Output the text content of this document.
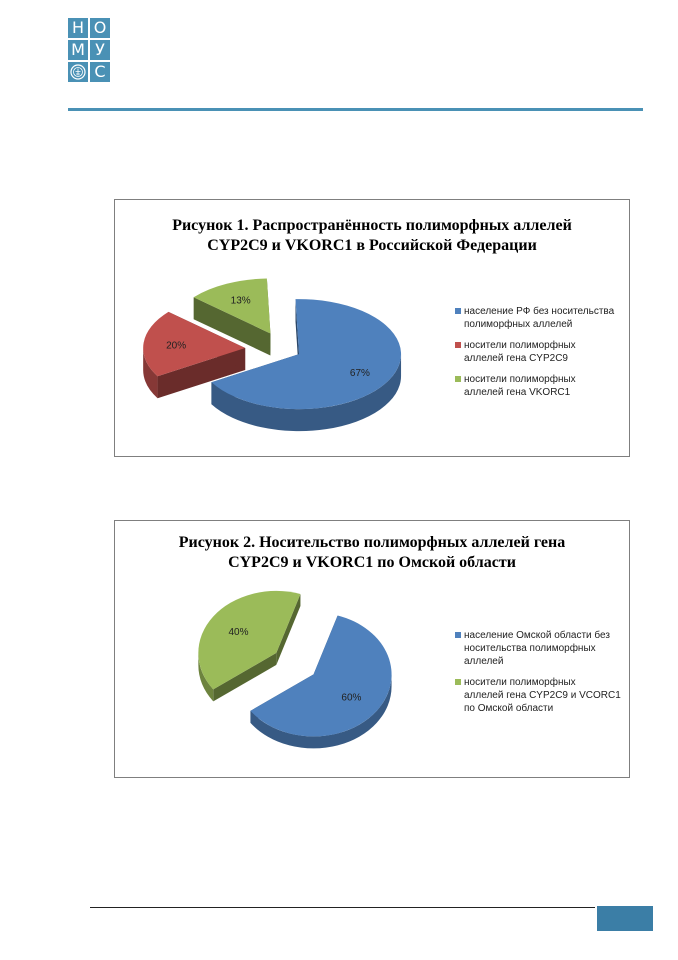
Н О
М У
С
Рисунок 1. Распространённость полиморфных аллелей
CYP2C9 и VKORC1 в Российской Федерации
67%
20%
13%
население РФ без носительства
полиморфных аллелей
носители полиморфных
аллелей гена CYP2C9
носители полиморфных
аллелей гена VKORC1
Рисунок 2. Носительство полиморфных аллелей гена
CYP2C9 и VKORC1 по Омской области
60%
40%	население Омской области без
носительства полиморфных
аллелей
носители полиморфных
аллелей гена CYP2C9 и VCORC1
по Омской области
